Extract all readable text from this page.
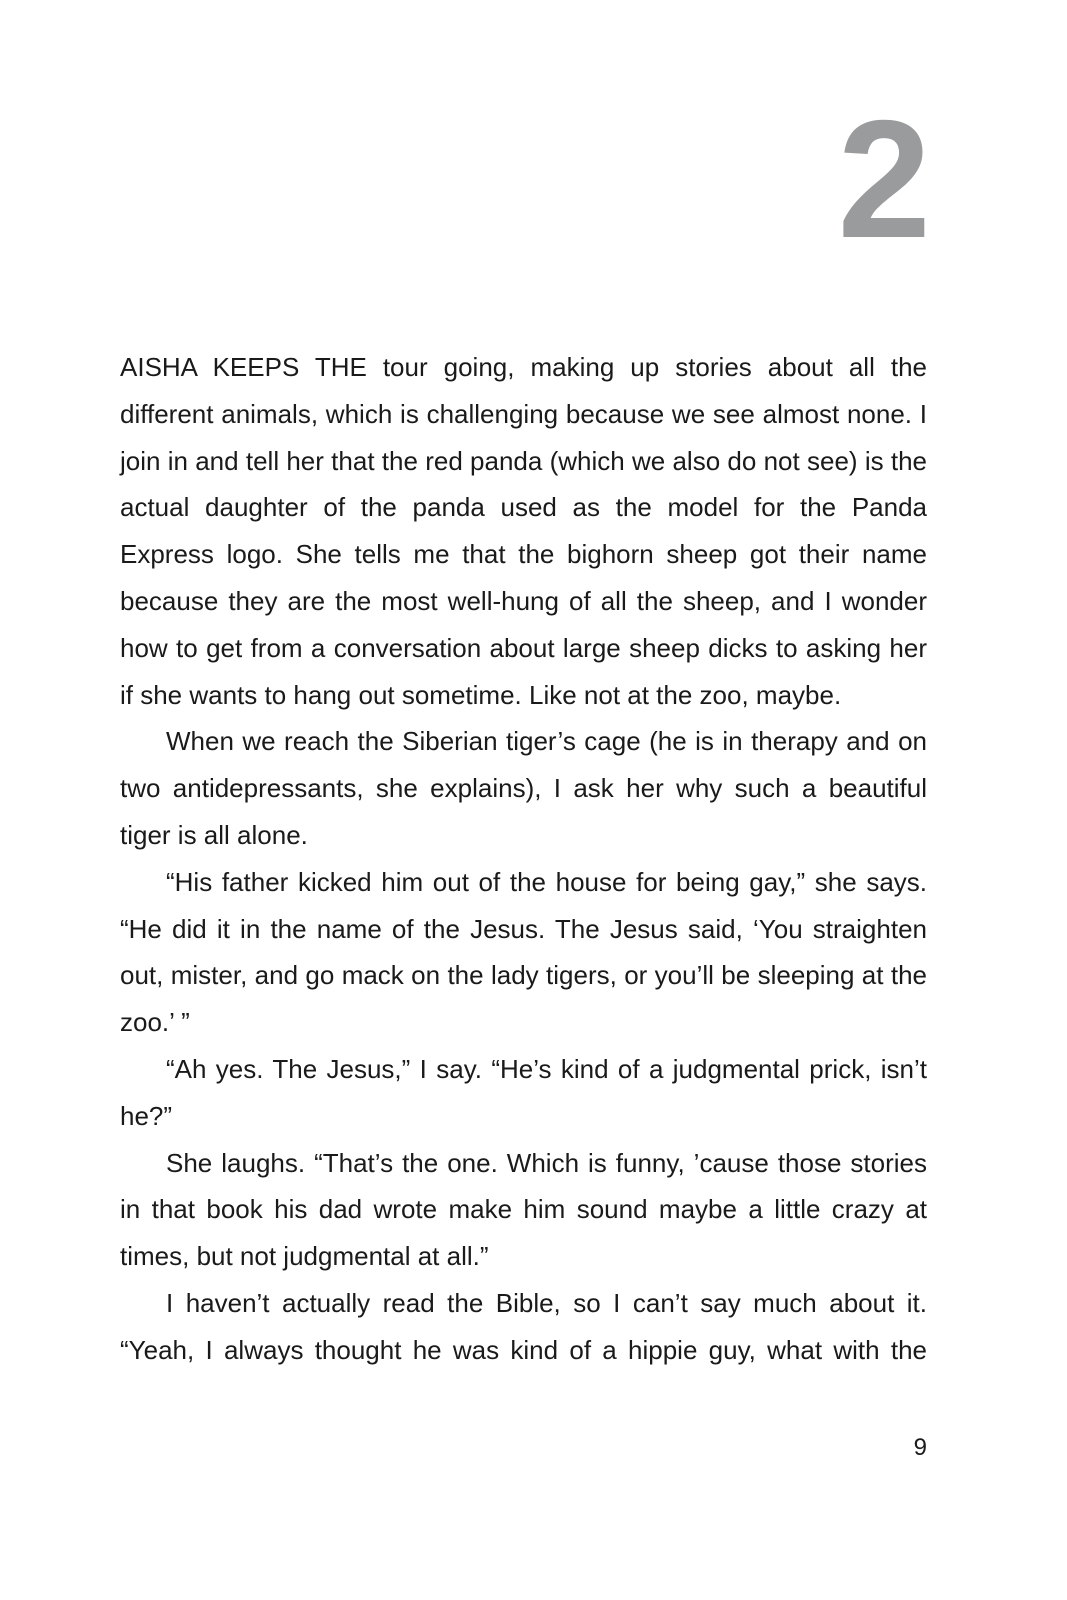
2

AISHA KEEPS THE tour going, making up stories about all the different animals, which is challenging because we see almost none. I join in and tell her that the red panda (which we also do not see) is the actual daughter of the panda used as the model for the Panda Express logo. She tells me that the bighorn sheep got their name because they are the most well-hung of all the sheep, and I wonder how to get from a conversation about large sheep dicks to asking her if she wants to hang out sometime. Like not at the zoo, maybe.

When we reach the Siberian tiger’s cage (he is in therapy and on two antidepressants, she explains), I ask her why such a beautiful tiger is all alone.

“His father kicked him out of the house for being gay,” she says. “He did it in the name of the Jesus. The Jesus said, ‘You straighten out, mister, and go mack on the lady tigers, or you’ll be sleeping at the zoo.’ ”

“Ah yes. The Jesus,” I say. “He’s kind of a judgmental prick, isn’t he?”

She laughs. “That’s the one. Which is funny, ’cause those stories in that book his dad wrote make him sound maybe a little crazy at times, but not judgmental at all.”

I haven’t actually read the Bible, so I can’t say much about it. “Yeah, I always thought he was kind of a hippie guy, what with the

9
